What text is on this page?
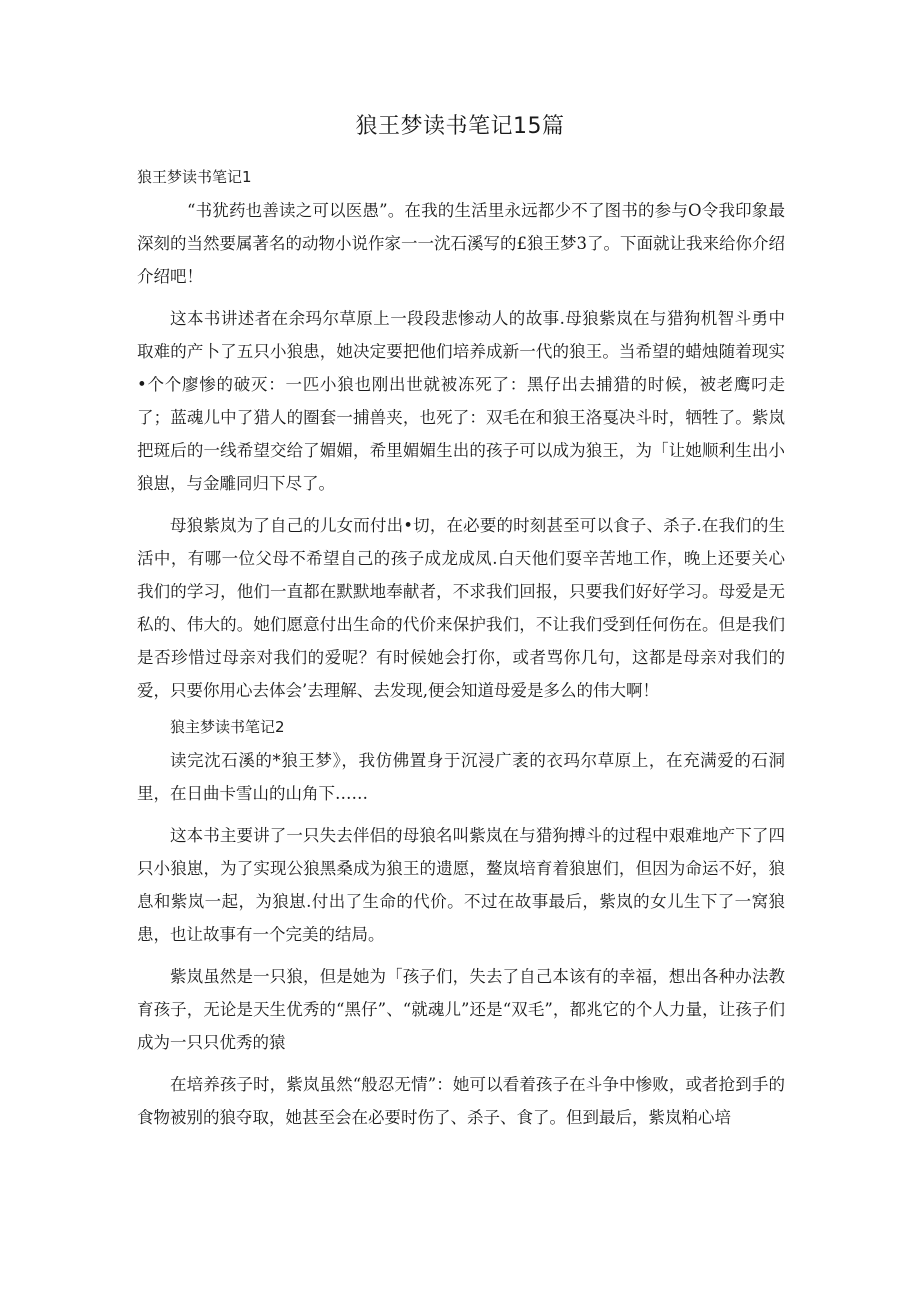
狼王梦读书笔记15篇
狼王梦读书笔记1

“书犹药也善读之可以医愚”。在我的生活里永远都少不了图书的参与O令我印象最深刻的当然要属著名的动物小说作家一一沈石溪写的£狼王梦3了。下面就让我来给你介绍介绍吧！

这本书讲述者在余玛尔草原上一段段悲惨动人的故事.母狼紫岚在与猎狗机智斗勇中取难的产卜了五只小狼患，她决定要把他们培养成新一代的狼王。当希望的蜡烛随着现实•个个廖惨的破灭：一匹小狼也刚出世就被冻死了：黑仔出去捕猎的时候，被老鹰叼走了；蓝魂儿中了猎人的圈套一捕兽夹，也死了：双毛在和狼王洛戛决斗时，牺牲了。紫岚把斑后的一线希望交给了媚媚，希里媚媚生出的孩子可以成为狼王，为「让她顺利生出小狼崽，与金雕同归下尽了。

母狼紫岚为了自己的儿女而付出•切，在必要的时刻甚至可以食子、杀子.在我们的生活中，有哪一位父母不希望自己的孩子成龙成凤.白天他们耍辛苦地工作，晚上还要关心我们的学习，他们一直都在默默地奉献者，不求我们回报，只要我们好好学习。母爱是无私的、伟大的。她们愿意付出生命的代价来保护我们，不让我们受到任何伤在。但是我们是否珍惜过母亲对我们的爱呢？有时候她会打你，或者骂你几句，这都是母亲对我们的爱，只要你用心去体会’去理解、去发现,便会知道母爱是多么的伟大啊！

狼主梦读书笔记2

读完沈石溪的*狼王梦》，我仿佛置身于沉浸广袤的衣玛尔草原上，在充满爱的石洞里，在日曲卡雪山的山角下……

这本书主要讲了一只失去伴侣的母狼名叫紫岚在与猎狗搏斗的过程中艰难地产下了四只小狼崽，为了实现公狼黑桑成为狼王的遗愿，鳌岚培育着狼崽们，但因为命运不好，狼息和紫岚一起，为狼崽.付出了生命的代价。不过在故事最后，紫岚的女儿生下了一窝狼患，也让故事有一个完美的结局。

紫岚虽然是一只狼，但是她为「孩子们，失去了自己本该有的幸福，想出各种办法教育孩子，无论是天生优秀的“黑仔”、“就魂儿”还是“双毛”，都兆它的个人力量，让孩子们成为一只只优秀的猿

在培养孩子时，紫岚虽然“般忍无情”：她可以看着孩子在斗争中惨败，或者抢到手的食物被别的狼夺取，她甚至会在必要时伤了、杀子、食了。但到最后，紫岚粕心培
